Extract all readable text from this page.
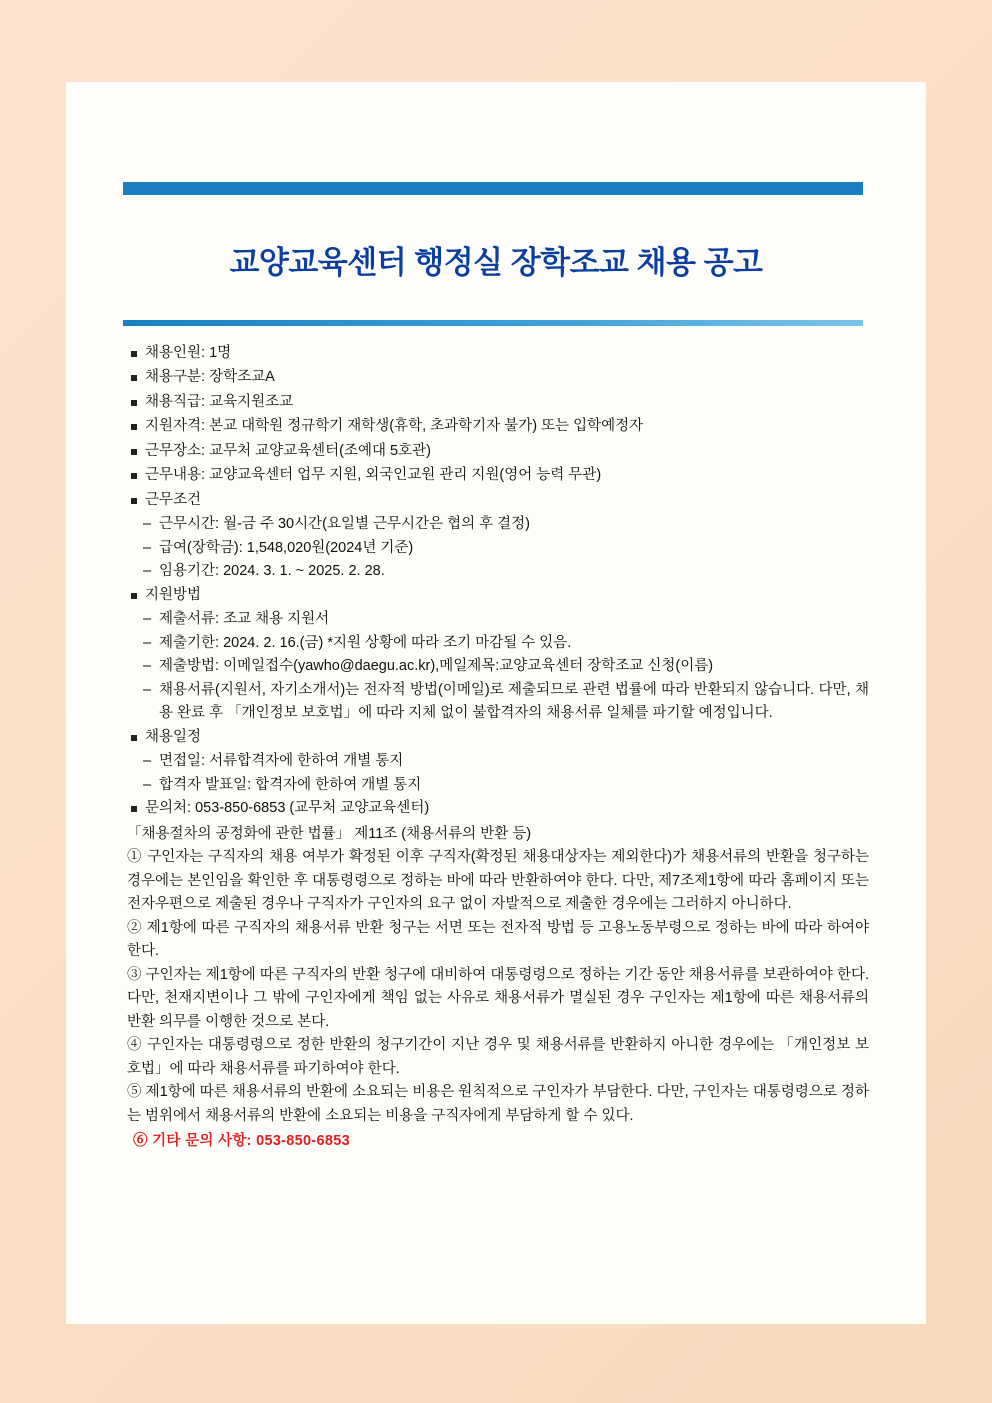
교양교육센터 행정실 장학조교 채용 공고
채용인원: 1명
채용구분: 장학조교A
채용직급: 교육지원조교
지원자격: 본교 대학원 정규학기 재학생(휴학, 초과학기자 불가) 또는 입학예정자
근무장소: 교무처 교양교육센터(조예대 5호관)
근무내용: 교양교육센터 업무 지원, 외국인교원 관리 지원(영어 능력 무관)
근무조건
– 근무시간: 월-금 주 30시간(요일별 근무시간은 협의 후 결정)
– 급여(장학금): 1,548,020원(2024년 기준)
– 임용기간: 2024. 3. 1. ~ 2025. 2. 28.
지원방법
– 제출서류: 조교 채용 지원서
– 제출기한: 2024. 2. 16.(금) *지원 상황에 따라 조기 마감될 수 있음.
– 제출방법: 이메일접수(yawho@daegu.ac.kr),메일제목:교양교육센터 장학조교 신청(이름)
– 채용서류(지원서, 자기소개서)는 전자적 방법(이메일)로 제출되므로 관련 법률에 따라 반환되지 않습니다. 다만, 채용 완료 후 「개인정보 보호법」에 따라 지체 없이 불합격자의 채용서류 일체를 파기할 예정입니다.
채용일정
– 면접일: 서류합격자에 한하여 개별 통지
– 합격자 발표일: 합격자에 한하여 개별 통지
문의처: 053-850-6853 (교무처 교양교육센터)
「채용절차의 공정화에 관한 법률」 제11조 (채용서류의 반환 등)
① 구인자는 구직자의 채용 여부가 확정된 이후 구직자(확정된 채용대상자는 제외한다)가 채용서류의 반환을 청구하는 경우에는 본인임을 확인한 후 대통령령으로 정하는 바에 따라 반환하여야 한다. 다만, 제7조제1항에 따라 홈페이지 또는 전자우편으로 제출된 경우나 구직자가 구인자의 요구 없이 자발적으로 제출한 경우에는 그러하지 아니하다.
② 제1항에 따른 구직자의 채용서류 반환 청구는 서면 또는 전자적 방법 등 고용노동부령으로 정하는 바에 따라 하여야 한다.
③ 구인자는 제1항에 따른 구직자의 반환 청구에 대비하여 대통령령으로 정하는 기간 동안 채용서류를 보관하여야 한다. 다만, 천재지변이나 그 밖에 구인자에게 책임 없는 사유로 채용서류가 멸실된 경우 구인자는 제1항에 따른 채용서류의 반환 의무를 이행한 것으로 본다.
④ 구인자는 대통령령으로 정한 반환의 청구기간이 지난 경우 및 채용서류를 반환하지 아니한 경우에는 「개인정보 보호법」에 따라 채용서류를 파기하여야 한다.
⑤ 제1항에 따른 채용서류의 반환에 소요되는 비용은 원칙적으로 구인자가 부담한다. 다만, 구인자는 대통령령으로 정하는 범위에서 채용서류의 반환에 소요되는 비용을 구직자에게 부담하게 할 수 있다.
⑥ 기타 문의 사항: 053-850-6853
